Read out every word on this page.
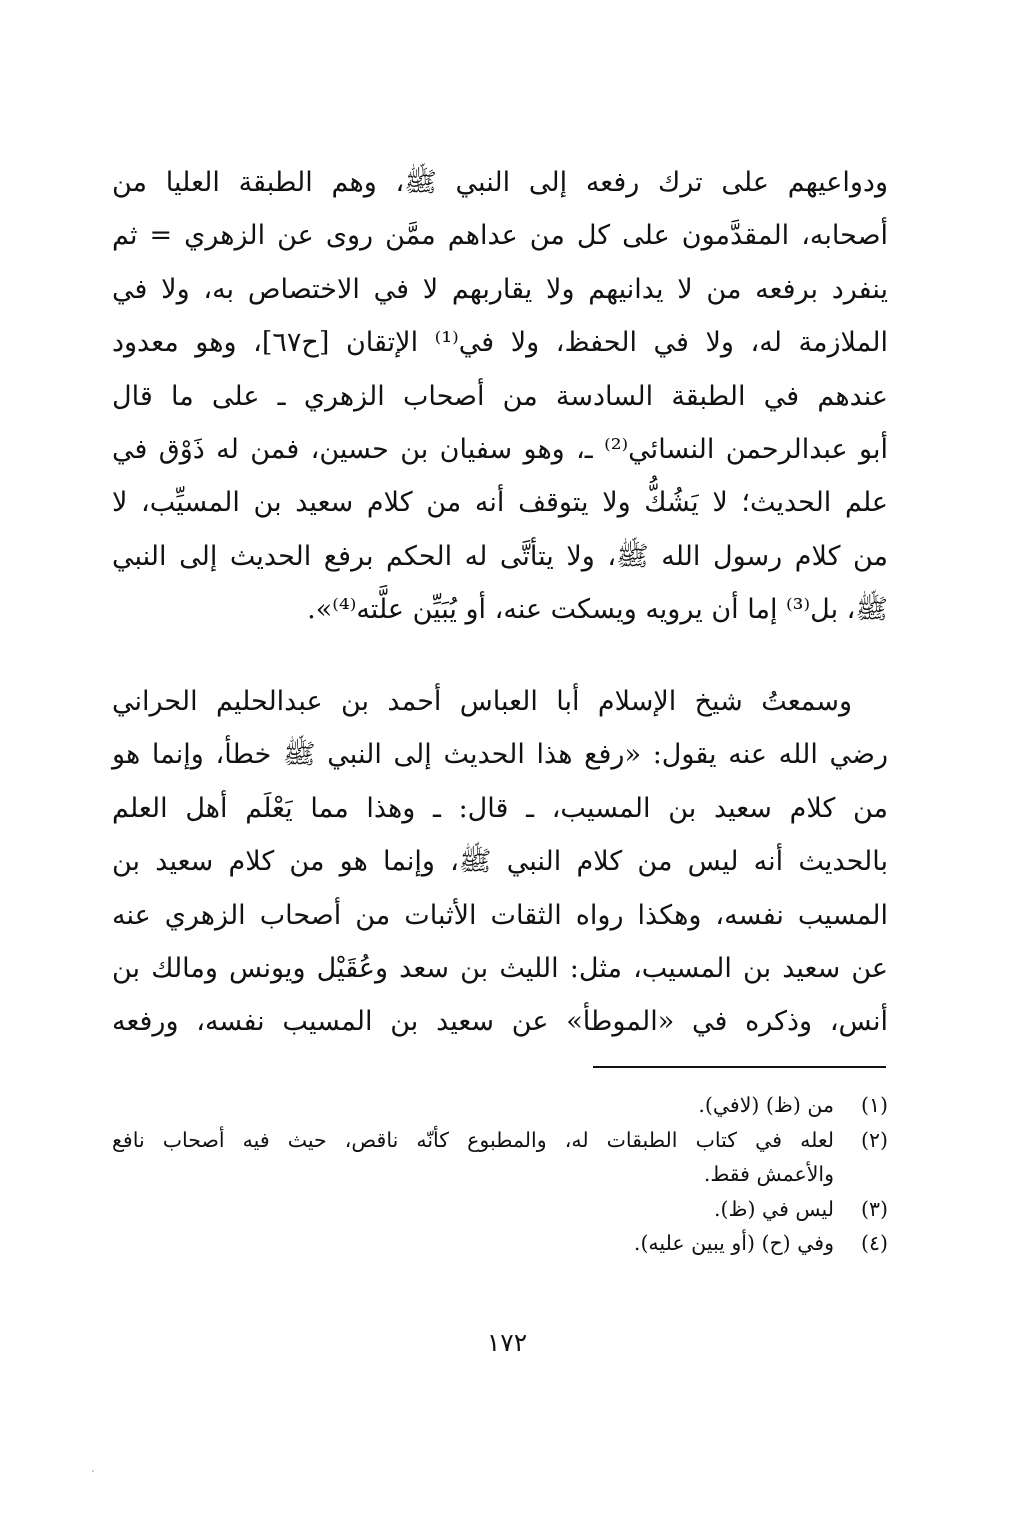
ودواعيهم على ترك رفعه إلى النبي ﷺ، وهم الطبقة العليا من
أصحابه، المقدَّمون على كل من عداهم ممَّن روى عن الزهري = ثم
ينفرد برفعه من لا يدانيهم ولا يقاربهم لا في الاختصاص به، ولا في
الملازمة له، ولا في الحفظ، ولا في⁽¹⁾ الإتقان [ح٦٧]، وهو معدود
عندهم في الطبقة السادسة من أصحاب الزهري ـ على ما قال
أبو عبدالرحمن النسائي⁽²⁾ ـ، وهو سفيان بن حسين، فمن له ذَوْق في
علم الحديث؛ لا يَشُكُّ ولا يتوقف أنه من كلام سعيد بن المسيِّب، لا
من كلام رسول الله ﷺ، ولا يتأتَّى له الحكم برفع الحديث إلى النبي
ﷺ، بل⁽³⁾ إما أن يرويه ويسكت عنه، أو يُبَيِّن علَّته⁽⁴⁾».
وسمعتُ شيخ الإسلام أبا العباس أحمد بن عبدالحليم الحراني
رضي الله عنه يقول: «رفع هذا الحديث إلى النبي ﷺ خطأ، وإنما هو
من كلام سعيد بن المسيب، ـ قال: ـ وهذا مما يَعْلَم أهل العلم
بالحديث أنه ليس من كلام النبي ﷺ، وإنما هو من كلام سعيد بن
المسيب نفسه، وهكذا رواه الثقات الأثبات من أصحاب الزهري عنه
عن سعيد بن المسيب، مثل: الليث بن سعد وعُقَيْل ويونس ومالك بن
أنس، وذكره في «الموطأ» عن سعيد بن المسيب نفسه، ورفعه
(١)
من (ظ) (لافي).
(٢)
لعله في كتاب الطبقات له، والمطبوع كأنّه ناقص، حيث فيه أصحاب نافع
والأعمش فقط.
(٣)
ليس في (ظ).
(٤)
وفي (ح) (أو يبين عليه).
١٧٢
